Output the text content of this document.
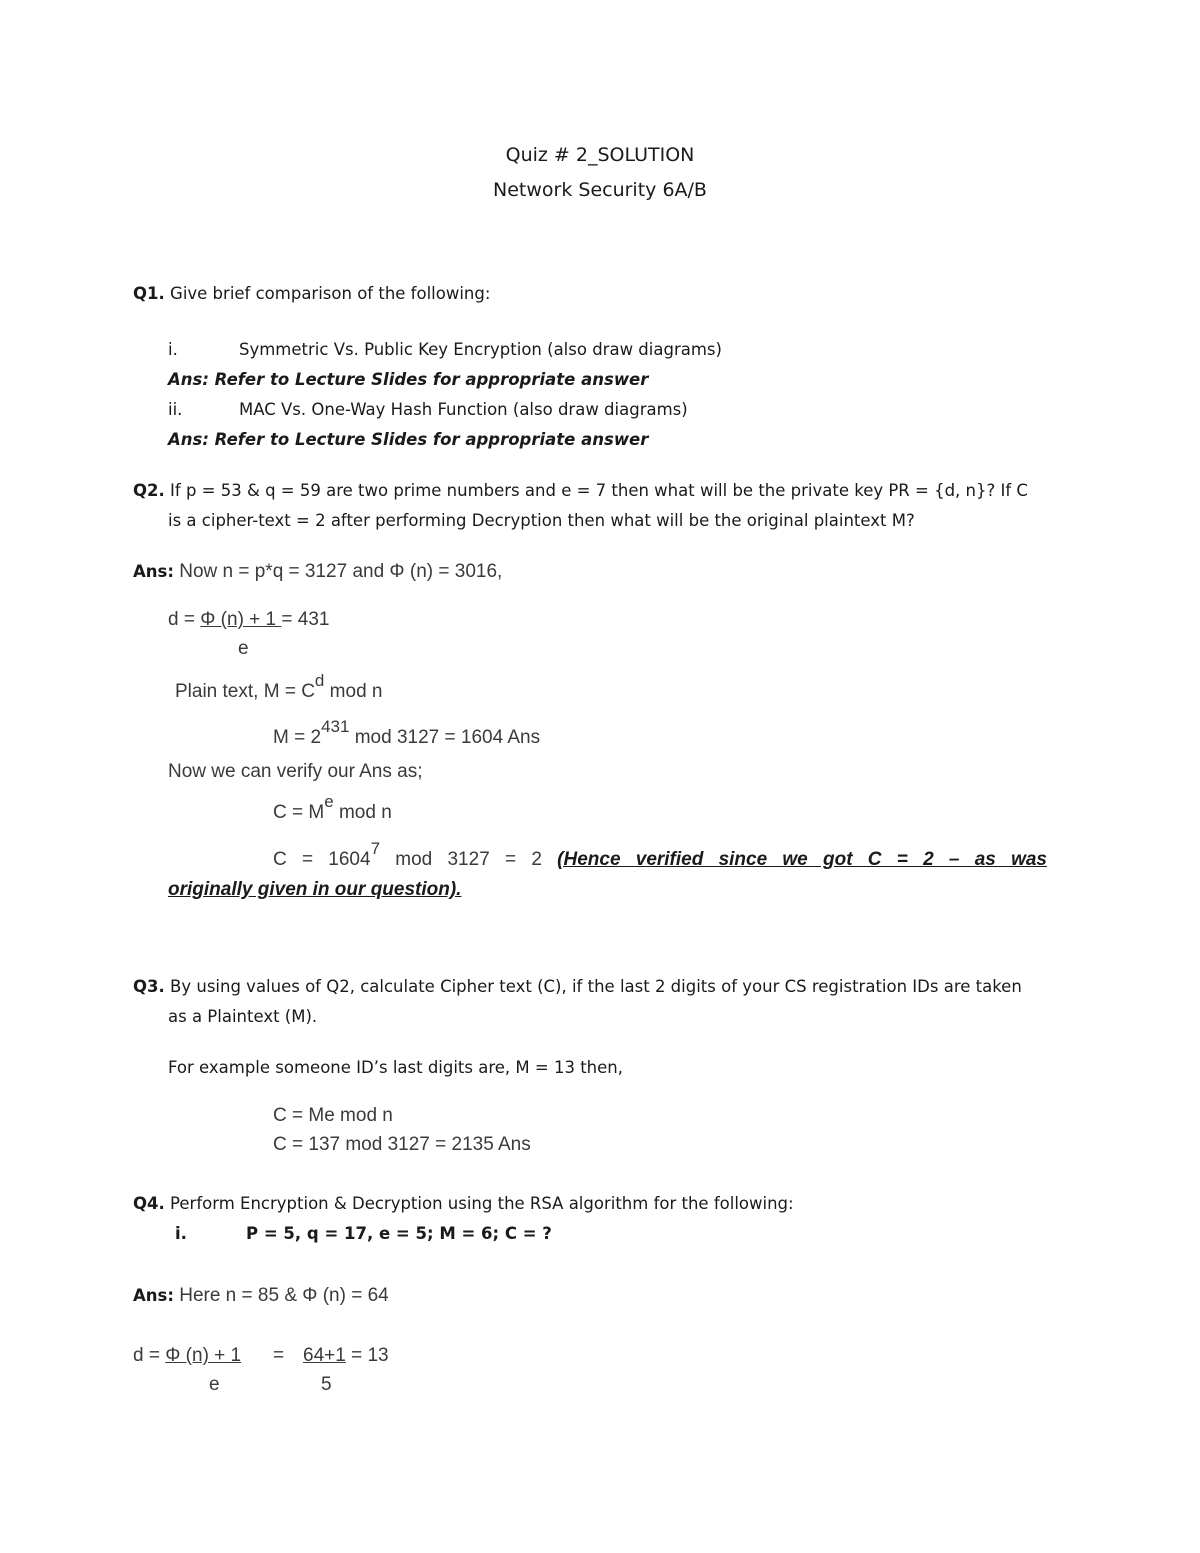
Quiz # 2_SOLUTION
Network Security 6A/B
Q1. Give brief comparison of the following:
i.	Symmetric Vs. Public Key Encryption (also draw diagrams)
Ans: Refer to Lecture Slides for appropriate answer
ii.	MAC Vs. One-Way Hash Function (also draw diagrams)
Ans: Refer to Lecture Slides for appropriate answer
Q2. If p = 53 & q = 59 are two prime numbers and e = 7 then what will be the private key PR = {d, n}? If C
is a cipher-text = 2 after performing Decryption then what will be the original plaintext M?
Ans: Now n = p*q = 3127 and Φ (n) = 3016,
d = Φ (n) + 1 = 431
e
Plain text, M = Cd mod n
M = 2431 mod 3127 = 1604 Ans
Now we can verify our Ans as;
C = Me mod n
C = 16047 mod 3127 = 2 (Hence verified since we got C = 2 – as was
originally given in our question).
Q3. By using values of Q2, calculate Cipher text (C), if the last 2 digits of your CS registration IDs are taken
as a Plaintext (M).
For example someone ID’s last digits are, M = 13 then,
C = Me mod n
C = 137 mod 3127 = 2135 Ans
Q4. Perform Encryption & Decryption using the RSA algorithm for the following:
i.	P = 5, q = 17, e = 5; M = 6; C = ?
Ans: Here n = 85 & Φ (n) = 64
d = Φ (n) + 1 = 64+1 = 13
e	5
